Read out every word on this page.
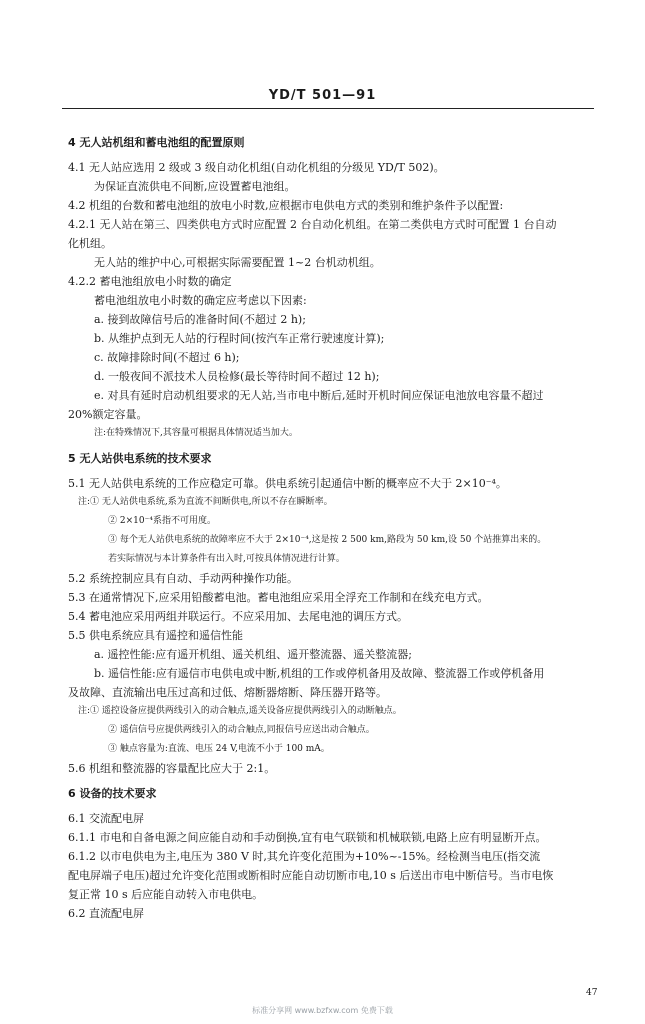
YD/T 501—91
4 无人站机组和蓄电池组的配置原则
4.1 无人站应选用 2 级或 3 级自动化机组(自动化机组的分级见 YD/T 502)。
为保证直流供电不间断,应设置蓄电池组。
4.2 机组的台数和蓄电池组的放电小时数,应根据市电供电方式的类别和维护条件予以配置:
4.2.1 无人站在第三、四类供电方式时应配置 2 台自动化机组。在第二类供电方式时可配置 1 台自动
化机组。
无人站的维护中心,可根据实际需要配置 1~2 台机动机组。
4.2.2 蓄电池组放电小时数的确定
蓄电池组放电小时数的确定应考虑以下因素:
a. 接到故障信号后的准备时间(不超过 2 h);
b. 从维护点到无人站的行程时间(按汽车正常行驶速度计算);
c. 故障排除时间(不超过 6 h);
d. 一般夜间不派技术人员检修(最长等待时间不超过 12 h);
e. 对具有延时启动机组要求的无人站,当市电中断后,延时开机时间应保证电池放电容量不超过
20%额定容量。
注:在特殊情况下,其容量可根据具体情况适当加大。
5 无人站供电系统的技术要求
5.1 无人站供电系统的工作应稳定可靠。供电系统引起通信中断的概率应不大于 2×10⁻⁴。
注:① 无人站供电系统,系为直流不间断供电,所以不存在瞬断率。
② 2×10⁻⁴系指不可用度。
③ 每个无人站供电系统的故障率应不大于 2×10⁻⁴,这是按 2 500 km,路段为 50 km,设 50 个站推算出来的。
若实际情况与本计算条件有出入时,可按具体情况进行计算。
5.2 系统控制应具有自动、手动两种操作功能。
5.3 在通常情况下,应采用铅酸蓄电池。蓄电池组应采用全浮充工作制和在线充电方式。
5.4 蓄电池应采用两组并联运行。不应采用加、去尾电池的调压方式。
5.5 供电系统应具有遥控和遥信性能
a. 遥控性能:应有遥开机组、遥关机组、遥开整流器、遥关整流器;
b. 遥信性能:应有遥信市电供电或中断,机组的工作或停机备用及故障、整流器工作或停机备用
及故障、直流输出电压过高和过低、熔断器熔断、降压器开路等。
注:① 遥控设备应提供两线引入的动合触点,遥关设备应提供两线引入的动断触点。
② 遥信信号应提供两线引入的动合触点,同报信号应送出动合触点。
③ 触点容量为:直流、电压 24 V,电流不小于 100 mA。
5.6 机组和整流器的容量配比应大于 2:1。
6 设备的技术要求
6.1 交流配电屏
6.1.1 市电和自备电源之间应能自动和手动倒换,宜有电气联锁和机械联锁,电路上应有明显断开点。
6.1.2 以市电供电为主,电压为 380 V 时,其允许变化范围为+10%~-15%。经检测当电压(指交流
配电屏端子电压)超过允许变化范围或断相时应能自动切断市电,10 s 后送出市电中断信号。当市电恢
复正常 10 s 后应能自动转入市电供电。
6.2 直流配电屏
47
标准分享网 www.bzfxw.com 免费下载
